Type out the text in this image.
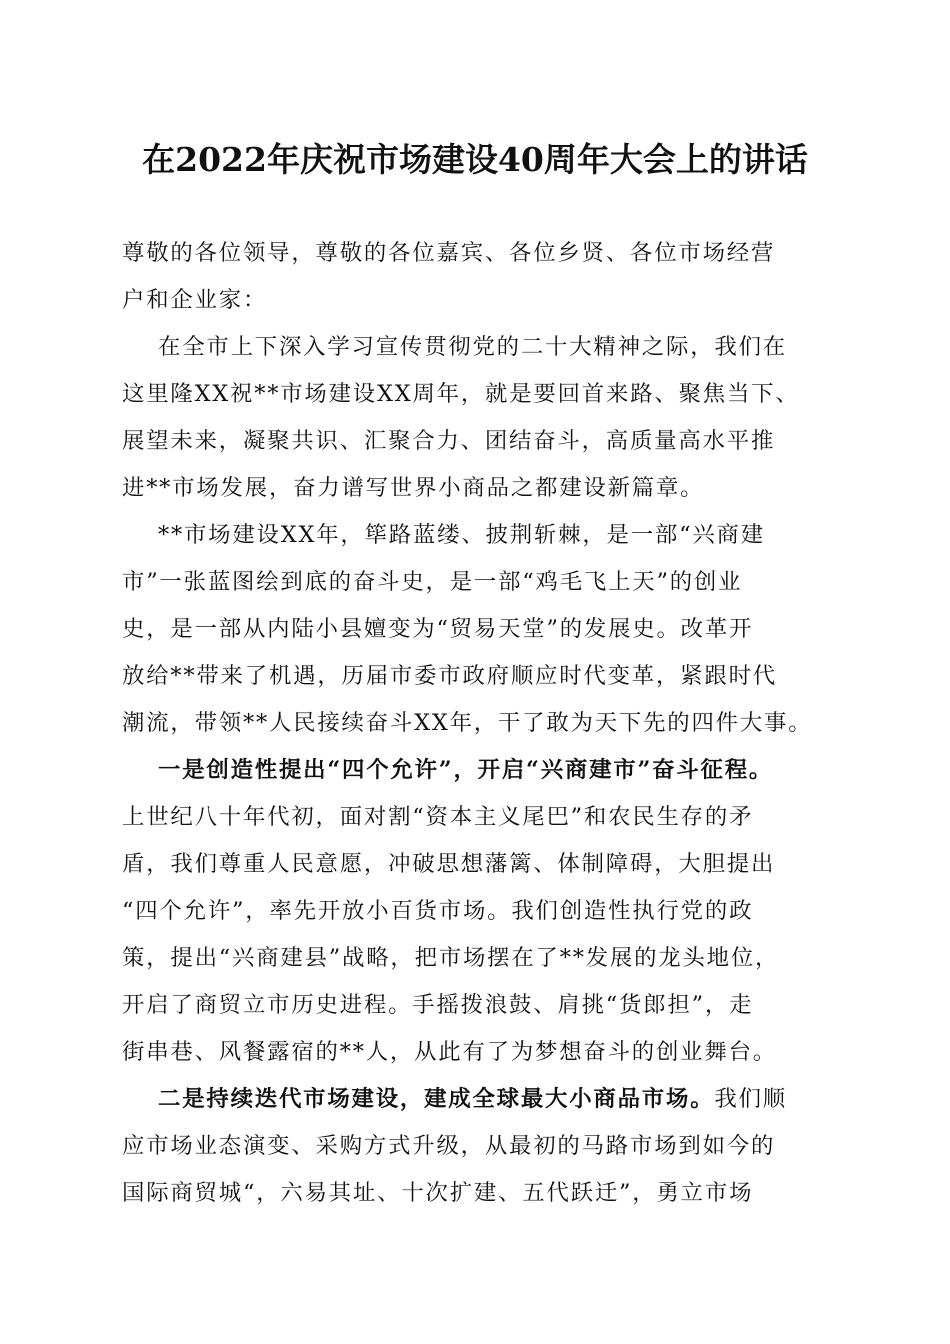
在2022年庆祝市场建设40周年大会上的讲话
尊敬的各位领导，尊敬的各位嘉宾、各位乡贤、各位市场经营
户和企业家：
在全市上下深入学习宣传贯彻党的二十大精神之际，我们在
这里隆XX祝**市场建设XX周年，就是要回首来路、聚焦当下、
展望未来，凝聚共识、汇聚合力、团结奋斗，高质量高水平推
进**市场发展，奋力谱写世界小商品之都建设新篇章。
**市场建设XX年，筚路蓝缕、披荆斩棘，是一部“兴商建
市”一张蓝图绘到底的奋斗史，是一部“鸡毛飞上天”的创业
史，是一部从内陆小县嬗变为“贸易天堂”的发展史。改革开
放给**带来了机遇，历届市委市政府顺应时代变革，紧跟时代
潮流，带领**人民接续奋斗XX年，干了敢为天下先的四件大事。
一是创造性提出“四个允许”，开启“兴商建市”奋斗征程。
上世纪八十年代初，面对割“资本主义尾巴”和农民生存的矛
盾，我们尊重人民意愿，冲破思想藩篱、体制障碍，大胆提出
“四个允许”，率先开放小百货市场。我们创造性执行党的政
策，提出“兴商建县”战略，把市场摆在了**发展的龙头地位，
开启了商贸立市历史进程。手摇拨浪鼓、肩挑“货郎担”，走
街串巷、风餐露宿的**人，从此有了为梦想奋斗的创业舞台。
二是持续迭代市场建设，建成全球最大小商品市场。我们顺
应市场业态演变、采购方式升级，从最初的马路市场到如今的
国际商贸城“，六易其址、十次扩建、五代跃迁”，勇立市场
